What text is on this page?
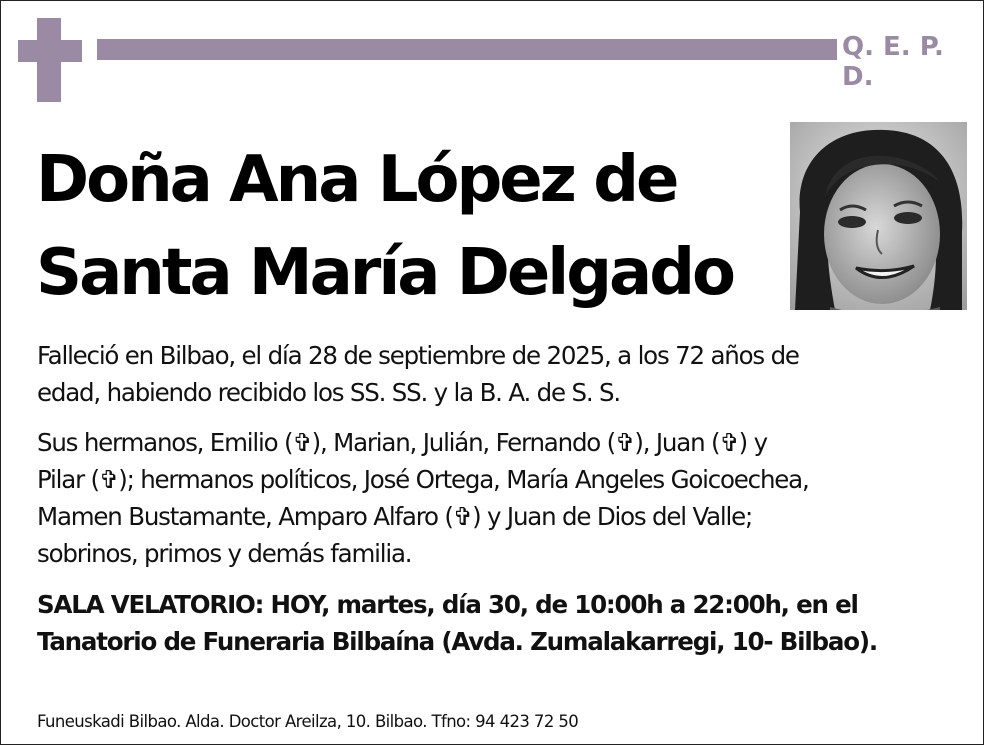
Q. E. P. D.
Doña Ana López de
Santa María Delgado

Falleció en Bilbao, el día 28 de septiembre de 2025, a los 72 años de
edad, habiendo recibido los SS. SS. y la B. A. de S. S.

Sus hermanos, Emilio (✞), Marian, Julián, Fernando (✞), Juan (✞) y
Pilar (✞); hermanos políticos, José Ortega, María Angeles Goicoechea,
Mamen Bustamante, Amparo Alfaro (✞) y Juan de Dios del Valle;
sobrinos, primos y demás familia.

SALA VELATORIO: HOY, martes, día 30, de 10:00h a 22:00h, en el
Tanatorio de Funeraria Bilbaína (Avda. Zumalakarregi, 10- Bilbao).

Funeuskadi Bilbao. Alda. Doctor Areilza, 10. Bilbao. Tfno: 94 423 72 50
